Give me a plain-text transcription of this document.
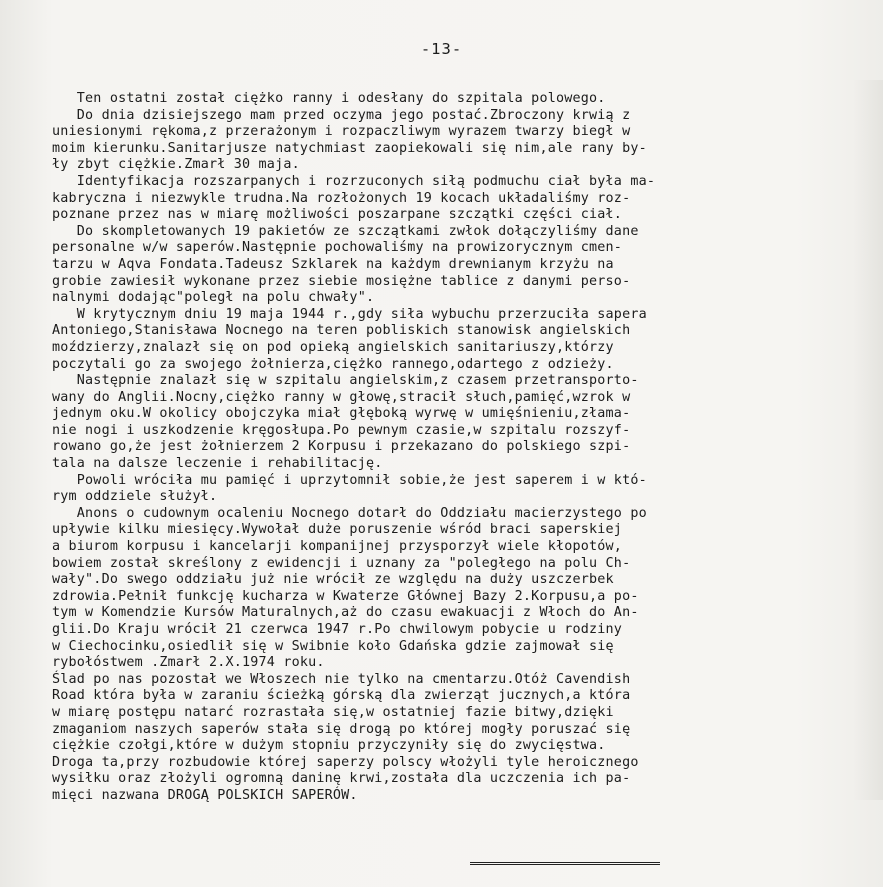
-13-
Ten ostatni został ciężko ranny i odesłany do szpitala polowego.
Do dnia dzisiejszego mam przed oczyma jego postać.Zbroczony krwią z
uniesionymi rękoma,z przerażonym i rozpaczliwym wyrazem twarzy biegł w
moim kierunku.Sanitarjusze natychmiast zaopiekowali się nim,ale rany by-
ły zbyt ciężkie.Zmarł 30 maja.
Identyfikacja rozszarpanych i rozrzuconych siłą podmuchu ciał była ma-
kabryczna i niezwykle trudna.Na rozłożonych 19 kocach układaliśmy roz-
poznane przez nas w miarę możliwości poszarpane szczątki części ciał.
Do skompletowanych 19 pakietów ze szczątkami zwłok dołączyliśmy dane
personalne w/w saperów.Następnie pochowaliśmy na prowizorycznym cmen-
tarzu w Aqva Fondata.Tadeusz Szklarek na każdym drewnianym krzyżu na
grobie zawiesił wykonane przez siebie mosiężne tablice z danymi perso-
nalnymi dodając"poległ na polu chwały".
W krytycznym dniu 19 maja 1944 r.,gdy siła wybuchu przerzuciła sapera
Antoniego,Stanisława Nocnego na teren pobliskich stanowisk angielskich
moździerzy,znalazł się on pod opieką angielskich sanitariuszy,którzy
poczytali go za swojego żołnierza,ciężko rannego,odartego z odzieży.
Następnie znalazł się w szpitalu angielskim,z czasem przetransporto-
wany do Anglii.Nocny,ciężko ranny w głowę,stracił słuch,pamięć,wzrok w
jednym oku.W okolicy obojczyka miał głęboką wyrwę w umięśnieniu,złama-
nie nogi i uszkodzenie kręgosłupa.Po pewnym czasie,w szpitalu rozszyf-
rowano go,że jest żołnierzem 2 Korpusu i przekazano do polskiego szpi-
tala na dalsze leczenie i rehabilitację.
Powoli wróciła mu pamięć i uprzytomnił sobie,że jest saperem i w któ-
rym oddziele służył.
Anons o cudownym ocaleniu Nocnego dotarł do Oddziału macierzystego po
upływie kilku miesięcy.Wywołał duże poruszenie wśród braci saperskiej
a biurom korpusu i kancelarji kompanijnej przysporzył wiele kłopotów,
bowiem został skreślony z ewidencji i uznany za "poległego na polu Ch-
wały".Do swego oddziału już nie wrócił ze względu na duży uszczerbek
zdrowia.Pełnił funkcję kucharza w Kwaterze Głównej Bazy 2.Korpusu,a po-
tym w Komendzie Kursów Maturalnych,aż do czasu ewakuacji z Włoch do An-
glii.Do Kraju wrócił 21 czerwca 1947 r.Po chwilowym pobycie u rodziny
w Ciechocinku,osiedlił się w Swibnie koło Gdańska gdzie zajmował się
rybołóstwem .Zmarł 2.X.1974 roku.
Ślad po nas pozostał we Włoszech nie tylko na cmentarzu.Otóż Cavendish
Road która była w zaraniu ścieżką górską dla zwierząt jucznych,a która
w miarę postępu natarć rozrastała się,w ostatniej fazie bitwy,dzięki
zmaganiom naszych saperów stała się drogą po której mogły poruszać się
ciężkie czołgi,które w dużym stopniu przyczyniły się do zwycięstwa.
Droga ta,przy rozbudowie której saperzy polscy włożyli tyle heroicznego
wysiłku oraz złożyli ogromną daninę krwi,została dla uczczenia ich pa-
mięci nazwana DROGĄ POLSKICH SAPERÓW.
